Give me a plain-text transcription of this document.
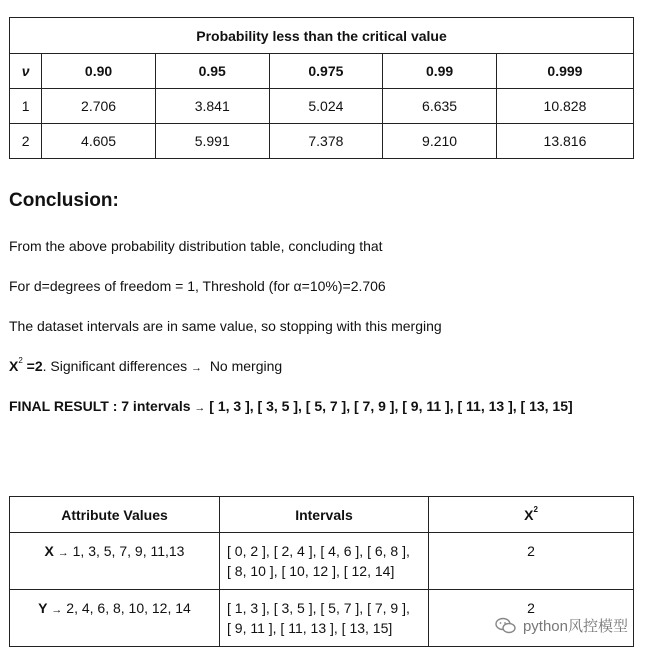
Probability less than the critical value					
ν	0.90	0.95	0.975	0.99	0.999
1	2.706	3.841	5.024	6.635	10.828
2	4.605	5.991	7.378	9.210	13.816
Conclusion:

From the above probability distribution table, concluding that

For d=degrees of freedom = 1, Threshold (for α=10%)=2.706

The dataset intervals are in same value, so stopping with this merging

$X^2 =2$. Significant differences →  No merging

FINAL RESULT : 7 intervals → [ 1, 3 ], [ 3, 5 ], [ 5, 7 ], [ 7, 9 ], [ 9, 11 ], [ 11, 13 ], [ 13, 15]

Attribute Values	Intervals	$X^2$
X → 1, 3, 5, 7, 9, 11,13	[ 0, 2 ], [ 2, 4 ], [ 4, 6 ], [ 6, 8 ],
[ 8, 10 ], [ 10, 12 ], [ 12, 14]	2
Y → 2, 4, 6, 8, 10, 12, 14	[ 1, 3 ], [ 3, 5 ], [ 5, 7 ], [ 7, 9 ],
[ 9, 11 ], [ 11, 13 ], [ 13, 15]	2
python风控模型
